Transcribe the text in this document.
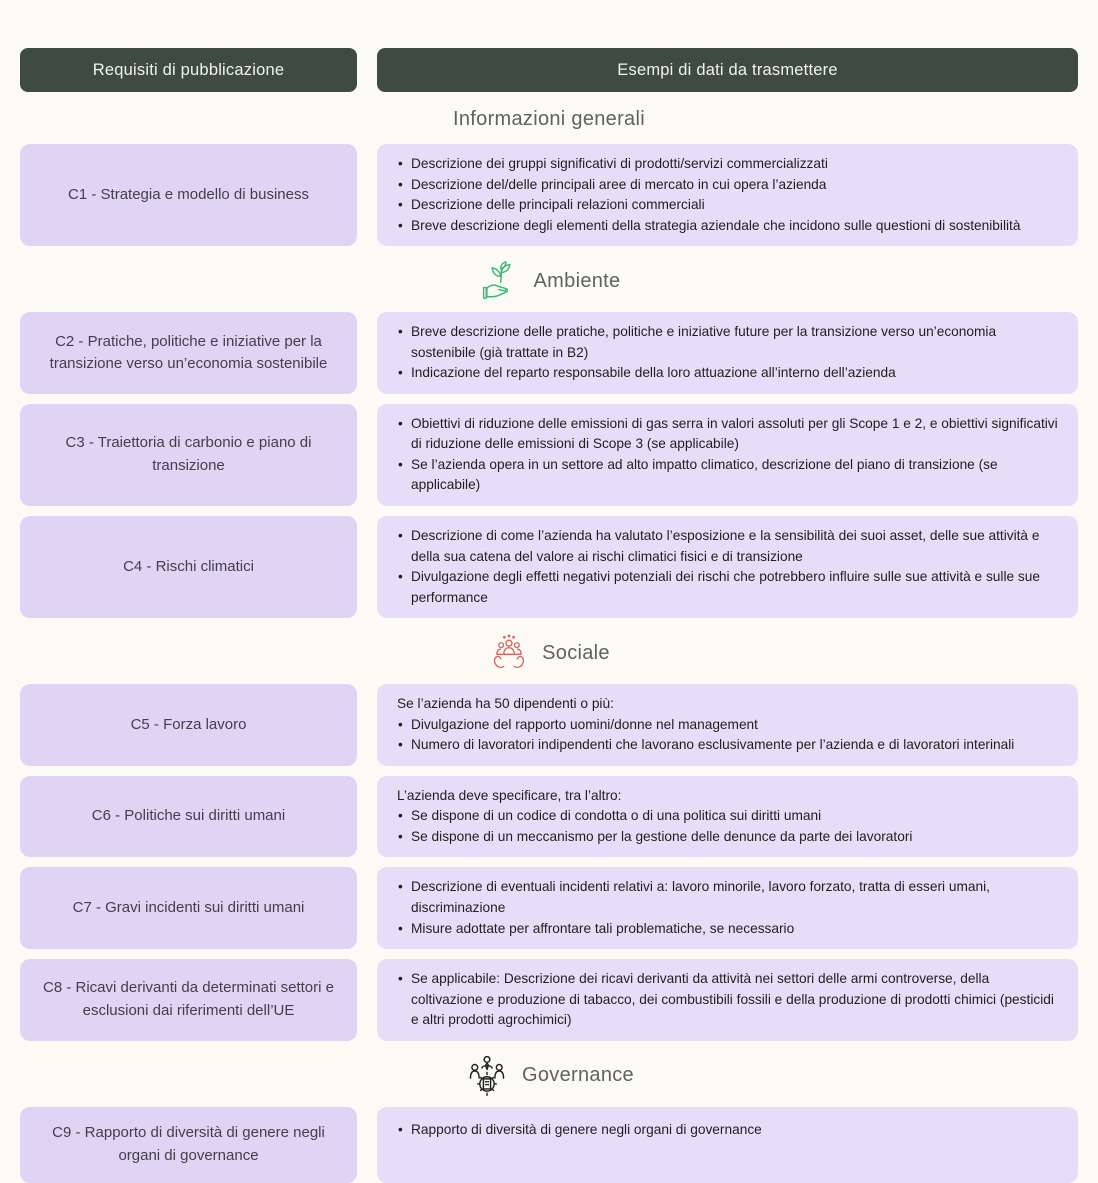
Requisiti di pubblicazione	Esempi di dati da trasmettere
Informazioni generali
C1 - Strategia e modello di business
• Descrizione dei gruppi significativi di prodotti/servizi commercializzati
• Descrizione del/delle principali aree di mercato in cui opera l’azienda
• Descrizione delle principali relazioni commerciali
• Breve descrizione degli elementi della strategia aziendale che incidono sulle questioni di sostenibilità
Ambiente
C2 - Pratiche, politiche e iniziative per la transizione verso un’economia sostenibile
• Breve descrizione delle pratiche, politiche e iniziative future per la transizione verso un’economia sostenibile (già trattate in B2)
• Indicazione del reparto responsabile della loro attuazione all’interno dell’azienda
C3 - Traiettoria di carbonio e piano di transizione
• Obiettivi di riduzione delle emissioni di gas serra in valori assoluti per gli Scope 1 e 2, e obiettivi significativi di riduzione delle emissioni di Scope 3 (se applicabile)
• Se l’azienda opera in un settore ad alto impatto climatico, descrizione del piano di transizione (se applicabile)
C4 - Rischi climatici
• Descrizione di come l’azienda ha valutato l’esposizione e la sensibilità dei suoi asset, delle sue attività e della sua catena del valore ai rischi climatici fisici e di transizione
• Divulgazione degli effetti negativi potenziali dei rischi che potrebbero influire sulle sue attività e sulle sue performance
Sociale
C5 - Forza lavoro
Se l’azienda ha 50 dipendenti o più:
• Divulgazione del rapporto uomini/donne nel management
• Numero di lavoratori indipendenti che lavorano esclusivamente per l’azienda e di lavoratori interinali
C6 - Politiche sui diritti umani
L’azienda deve specificare, tra l’altro:
• Se dispone di un codice di condotta o di una politica sui diritti umani
• Se dispone di un meccanismo per la gestione delle denunce da parte dei lavoratori
C7 - Gravi incidenti sui diritti umani
• Descrizione di eventuali incidenti relativi a: lavoro minorile, lavoro forzato, tratta di esseri umani, discriminazione
• Misure adottate per affrontare tali problematiche, se necessario
C8 - Ricavi derivanti da determinati settori e esclusioni dai riferimenti dell’UE
• Se applicabile: Descrizione dei ricavi derivanti da attività nei settori delle armi controverse, della coltivazione e produzione di tabacco, dei combustibili fossili e della produzione di prodotti chimici (pesticidi e altri prodotti agrochimici)
Governance
C9 - Rapporto di diversità di genere negli organi di governance
• Rapporto di diversità di genere negli organi di governance
